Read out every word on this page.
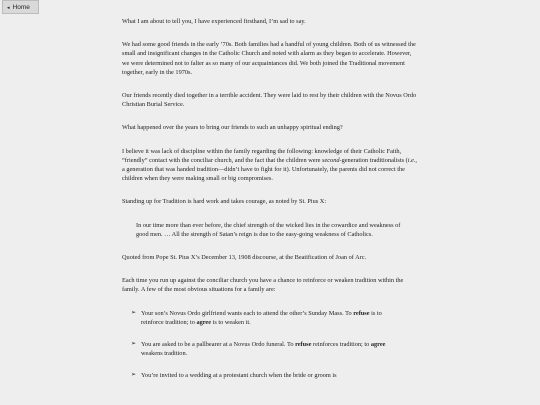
◂ Home

What I am about to tell you, I have experienced firsthand, I’m sad to say.

We had some good friends in the early ’70s. Both families had a handful of young children. Both of us witnessed the small and insignificant changes in the Catholic Church and noted with alarm as they began to accelerate. However, we were determined not to falter as so many of our acquaintances did. We both joined the Traditional movement together, early in the 1970s.

Our friends recently died together in a terrible accident. They were laid to rest by their children with the Novus Ordo Christian Burial Service.

What happened over the years to bring our friends to such an unhappy spiritual ending?

I believe it was lack of discipline within the family regarding the following: knowledge of their Catholic Faith, “friendly” contact with the conciliar church, and the fact that the children were second-generation traditionalists (i.e., a generation that was handed tradition—didn’t have to fight for it). Unfortunately, the parents did not correct the children when they were making small or big compromises.

Standing up for Tradition is hard work and takes courage, as noted by St. Pius X:

In our time more than ever before, the chief strength of the wicked lies in the cowardice and weakness of good men. … All the strength of Satan’s reign is due to the easy-going weakness of Catholics.

Quoted from Pope St. Pius X’s December 13, 1908 discourse, at the Beatification of Joan of Arc.

Each time you run up against the conciliar church you have a chance to reinforce or weaken tradition within the family. A few of the most obvious situations for a family are:

➢ Your son’s Novus Ordo girlfriend wants each to attend the other’s Sunday Mass. To refuse is to reinforce tradition; to agree is to weaken it.
➢ You are asked to be a pallbearer at a Novus Ordo funeral. To refuse reinforces tradition; to agree weakens tradition.
➢ You’re invited to a wedding at a protestant church when the bride or groom is
